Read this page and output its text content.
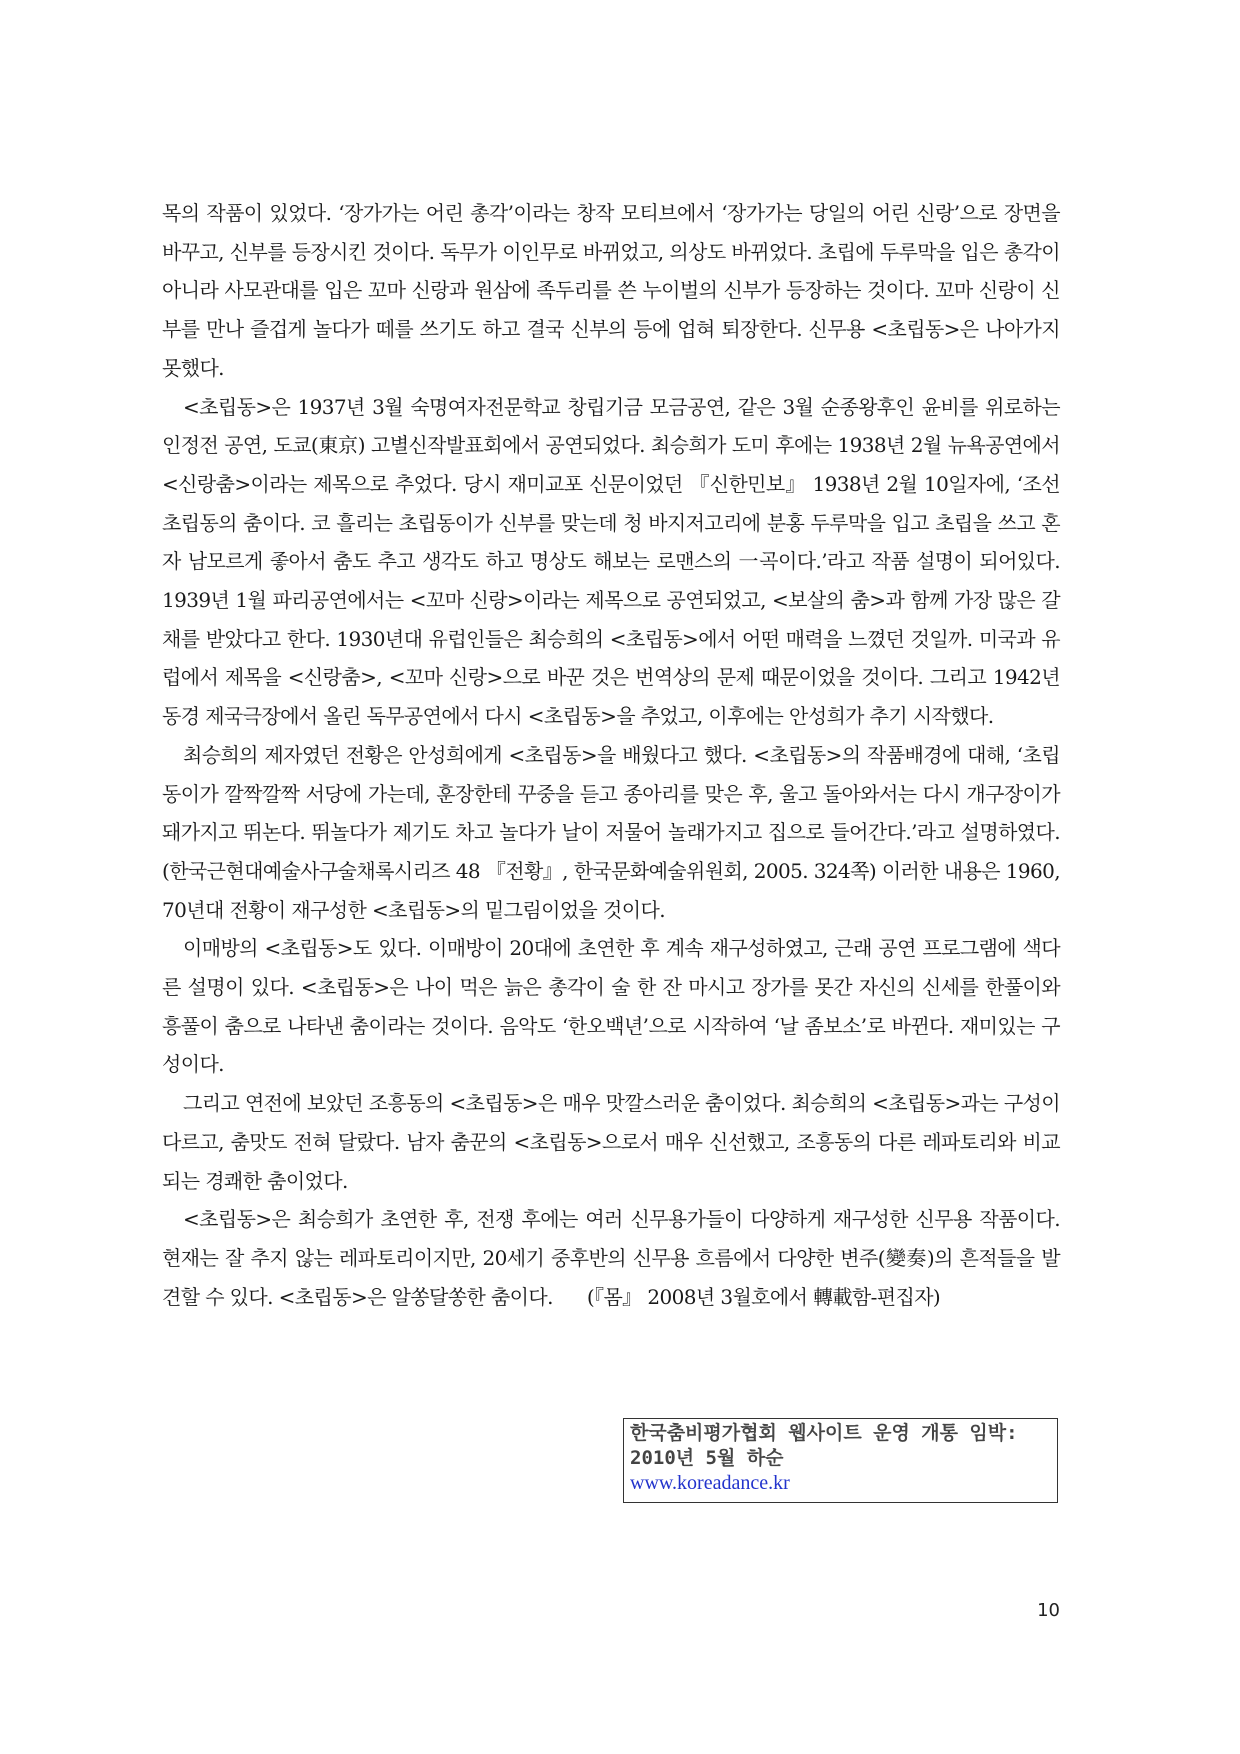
목의 작품이 있었다. ‘장가가는 어린 총각’이라는 창작 모티브에서 ‘장가가는 당일의 어린 신랑’으로 장면을 바꾸고, 신부를 등장시킨 것이다. 독무가 이인무로 바뀌었고, 의상도 바뀌었다. 초립에 두루막을 입은 총각이 아니라 사모관대를 입은 꼬마 신랑과 원삼에 족두리를 쓴 누이벌의 신부가 등장하는 것이다. 꼬마 신랑이 신부를 만나 즐겁게 놀다가 떼를 쓰기도 하고 결국 신부의 등에 업혀 퇴장한다. 신무용 <초립동>은 나아가지 못했다.

<초립동>은 1937년 3월 숙명여자전문학교 창립기금 모금공연, 같은 3월 순종왕후인 윤비를 위로하는 인정전 공연, 도쿄(東京) 고별신작발표회에서 공연되었다. 최승희가 도미 후에는 1938년 2월 뉴욕공연에서 <신랑춤>이라는 제목으로 추었다. 당시 재미교포 신문이었던 『신한민보』 1938년 2월 10일자에, ‘조선 초립동의 춤이다. 코 흘리는 초립동이가 신부를 맞는데 청 바지저고리에 분홍 두루막을 입고 초립을 쓰고 혼자 남모르게 좋아서 춤도 추고 생각도 하고 명상도 해보는 로맨스의 一곡이다.’라고 작품 설명이 되어있다. 1939년 1월 파리공연에서는 <꼬마 신랑>이라는 제목으로 공연되었고, <보살의 춤>과 함께 가장 많은 갈채를 받았다고 한다. 1930년대 유럽인들은 최승희의 <초립동>에서 어떤 매력을 느꼈던 것일까. 미국과 유럽에서 제목을 <신랑춤>, <꼬마 신랑>으로 바꾼 것은 번역상의 문제 때문이었을 것이다. 그리고 1942년 동경 제국극장에서 올린 독무공연에서 다시 <초립동>을 추었고, 이후에는 안성희가 추기 시작했다.

최승희의 제자였던 전황은 안성희에게 <초립동>을 배웠다고 했다. <초립동>의 작품배경에 대해, ‘초립동이가 깔짝깔짝 서당에 가는데, 훈장한테 꾸중을 듣고 종아리를 맞은 후, 울고 돌아와서는 다시 개구장이가 돼가지고 뛰논다. 뛰놀다가 제기도 차고 놀다가 날이 저물어 놀래가지고 집으로 들어간다.’라고 설명하였다.(한국근현대예술사구술채록시리즈 48 『전황』, 한국문화예술위원회, 2005. 324쪽) 이러한 내용은 1960, 70년대 전황이 재구성한 <초립동>의 밑그림이었을 것이다.

이매방의 <초립동>도 있다. 이매방이 20대에 초연한 후 계속 재구성하였고, 근래 공연 프로그램에 색다른 설명이 있다. <초립동>은 나이 먹은 늙은 총각이 술 한 잔 마시고 장가를 못간 자신의 신세를 한풀이와 흥풀이 춤으로 나타낸 춤이라는 것이다. 음악도 ‘한오백년’으로 시작하여 ‘날 좀보소’로 바뀐다. 재미있는 구성이다.

그리고 연전에 보았던 조흥동의 <초립동>은 매우 맛깔스러운 춤이었다. 최승희의 <초립동>과는 구성이 다르고, 춤맛도 전혀 달랐다. 남자 춤꾼의 <초립동>으로서 매우 신선했고, 조흥동의 다른 레파토리와 비교되는 경쾌한 춤이었다.

<초립동>은 최승희가 초연한 후, 전쟁 후에는 여러 신무용가들이 다양하게 재구성한 신무용 작품이다. 현재는 잘 추지 않는 레파토리이지만, 20세기 중후반의 신무용 흐름에서 다양한 변주(變奏)의 흔적들을 발견할 수 있다. <초립동>은 알쏭달쏭한 춤이다. (『몸』 2008년 3월호에서 轉載함-편집자)

한국춤비평가협회 웹사이트 운영 개통 임박:
2010년 5월 하순
www.koreadance.kr
10
